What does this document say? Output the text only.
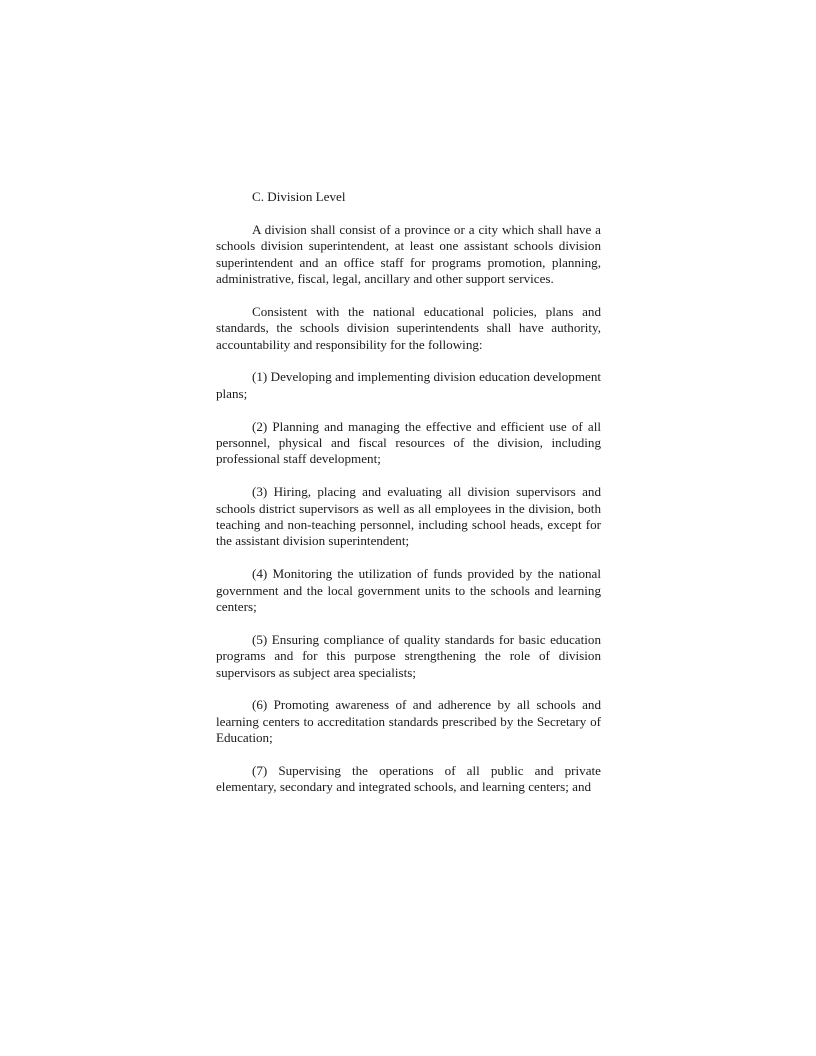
C. Division Level

A division shall consist of a province or a city which shall have a schools division superintendent, at least one assistant schools division superintendent and an office staff for programs promotion, planning, administrative, fiscal, legal, ancillary and other support services.

Consistent with the national educational policies, plans and standards, the schools division superintendents shall have authority, accountability and responsibility for the following:

(1) Developing and implementing division education development plans;

(2) Planning and managing the effective and efficient use of all personnel, physical and fiscal resources of the division, including professional staff development;

(3) Hiring, placing and evaluating all division supervisors and schools district supervisors as well as all employees in the division, both teaching and non-teaching personnel, including school heads, except for the assistant division superintendent;

(4) Monitoring the utilization of funds provided by the national government and the local government units to the schools and learning centers;

(5) Ensuring compliance of quality standards for basic education programs and for this purpose strengthening the role of division supervisors as subject area specialists;

(6) Promoting awareness of and adherence by all schools and learning centers to accreditation standards prescribed by the Secretary of Education;

(7) Supervising the operations of all public and private elementary, secondary and integrated schools, and learning centers; and
